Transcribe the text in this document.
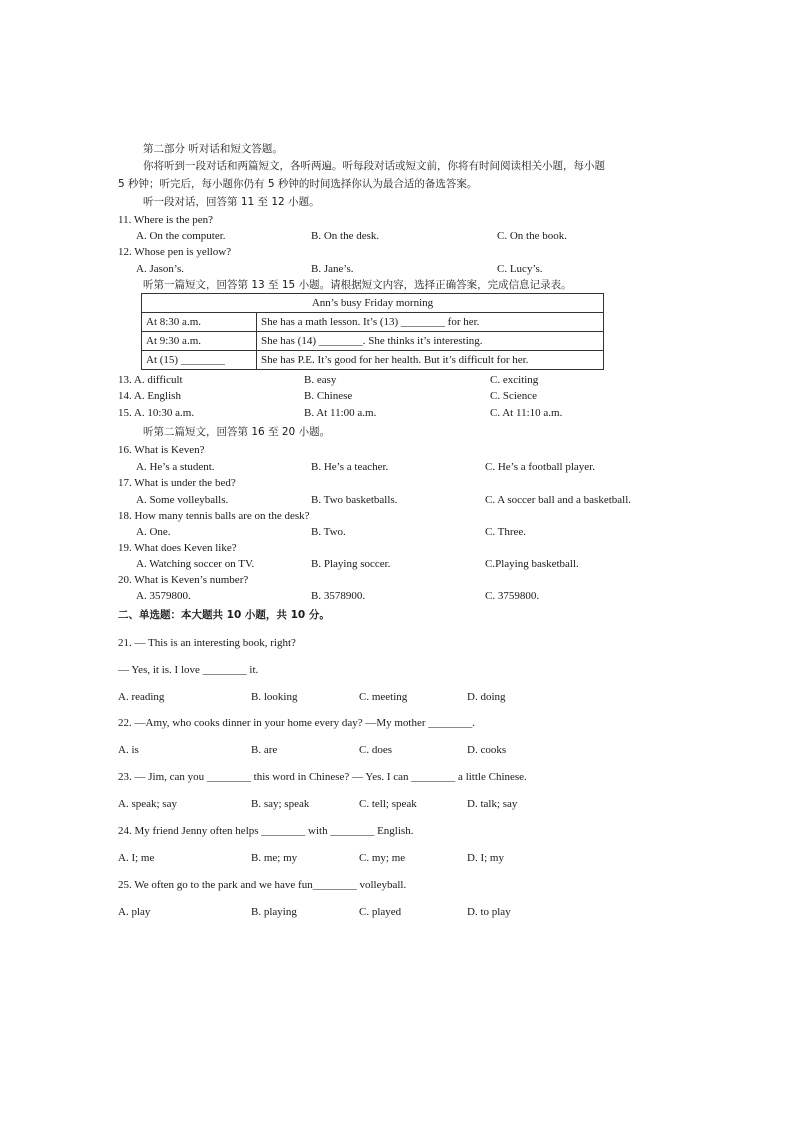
第二部分 听对话和短文答题。
你将听到一段对话和两篇短文，各听两遍。听每段对话或短文前，你将有时间阅读相关小题，每小题
5 秒钟；听完后，每小题你仍有 5 秒钟的时间选择你认为最合适的备选答案。
听一段对话，回答第 11 至 12 小题。
11. Where is the pen?
A. On the computer.	B. On the desk.	C. On the book.
12. Whose pen is yellow?
A. Jason’s.	B. Jane’s.	C. Lucy’s.
听第一篇短文，回答第 13 至 15 小题。请根据短文内容，选择正确答案，完成信息记录表。
Ann’s busy Friday morning	
At 8:30 a.m.	She has a math lesson. It’s (13) ________ for her.
At 9:30 a.m.	She has (14) ________. She thinks it’s interesting.
At (15) ________	She has P.E. It’s good for her health. But it’s difficult for her.
13. A. difficult	B. easy	C. exciting
14. A. English	B. Chinese	C. Science
15. A. 10:30 a.m.	B. At 11:00 a.m.	C. At 11:10 a.m.
听第二篇短文，回答第 16 至 20 小题。
16. What is Keven?
A. He’s a student.	B. He’s a teacher.	C. He’s a football player.
17. What is under the bed?
A. Some volleyballs.	B. Two basketballs.	C. A soccer ball and a basketball.
18. How many tennis balls are on the desk?
A. One.	B. Two.	C. Three.
19. What does Keven like?
A. Watching soccer on TV.	B. Playing soccer.	C.Playing basketball.
20. What is Keven’s number?
A. 3579800.	B. 3578900.	C. 3759800.
二、单选题：本大题共 10 小题，共 10 分。
21. — This is an interesting book, right?
— Yes, it is. I love ________ it.
A. reading	B. looking	C. meeting	D. doing
22. —Amy, who cooks dinner in your home every day? —My mother ________.
A. is	B. are	C. does	D. cooks
23. — Jim, can you ________ this word in Chinese? — Yes. I can ________ a little Chinese.
A. speak; say	B. say; speak	C. tell; speak	D. talk; say
24. My friend Jenny often helps ________ with ________ English.
A. I; me	B. me; my	C. my; me	D. I; my
25. We often go to the park and we have fun________ volleyball.
A. play	B. playing	C. played	D. to play
